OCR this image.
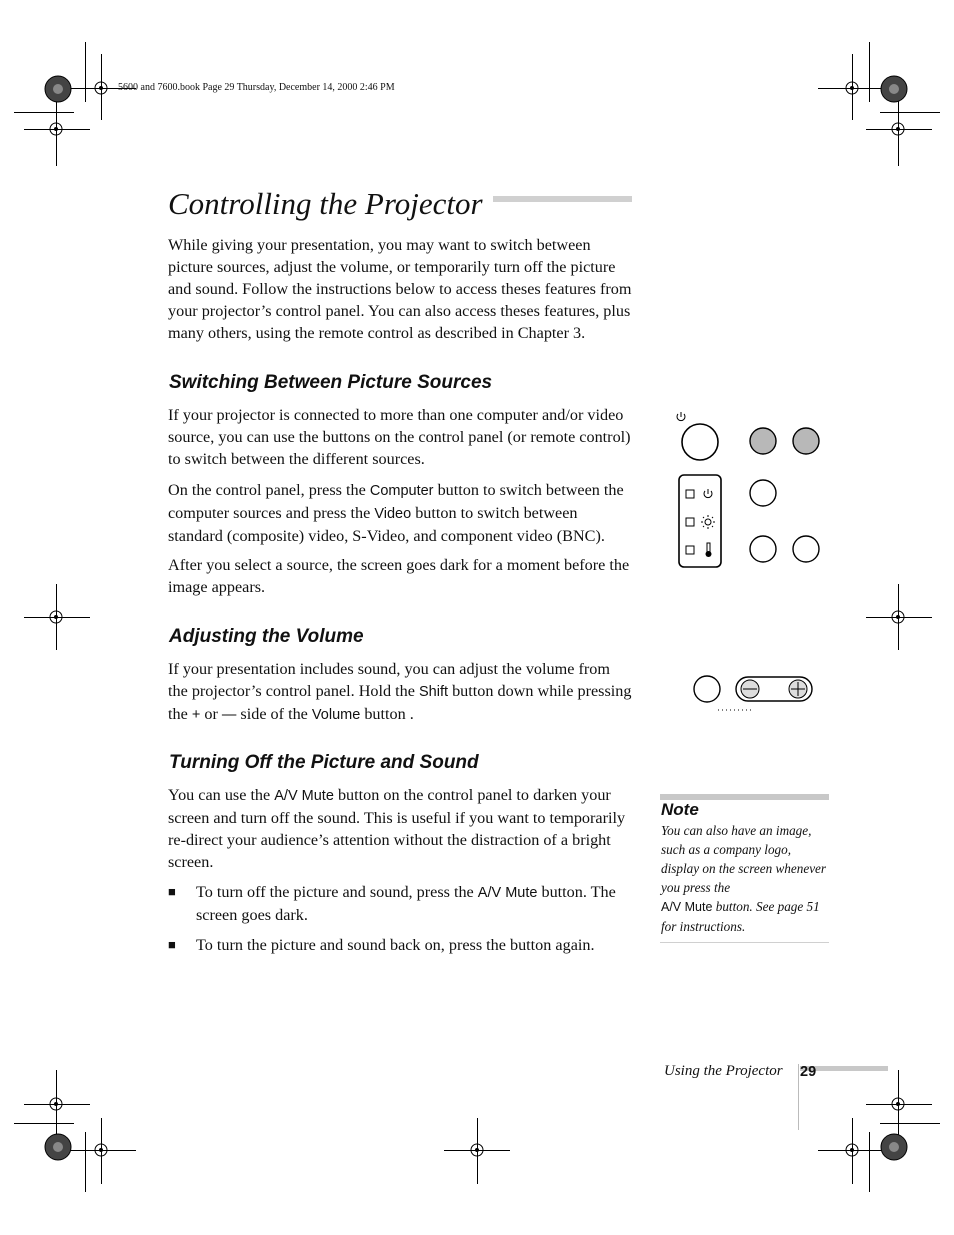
5600 and 7600.book Page 29 Thursday, December 14, 2000 2:46 PM
Controlling the Projector

While giving your presentation, you may want to switch between picture sources, adjust the volume, or temporarily turn off the picture and sound. Follow the instructions below to access theses features from your projector’s control panel. You can also access theses features, plus many others, using the remote control as described in Chapter 3.

Switching Between Picture Sources

If your projector is connected to more than one computer and/or video source, you can use the buttons on the control panel (or remote control) to switch between the different sources.

On the control panel, press the Computer button to switch between the computer sources and press the Video button to switch between standard (composite) video, S-Video, and component video (BNC).

After you select a source, the screen goes dark for a moment before the image appears.

Adjusting the Volume

If your presentation includes sound, you can adjust the volume from the projector’s control panel. Hold the Shift button down while pressing the + or — side of the Volume button .

Turning Off the Picture and Sound

You can use the A/V Mute button on the control panel to darken your screen and turn off the sound. This is useful if you want to temporarily re-direct your audience’s attention without the distraction of a bright screen.

■ To turn off the picture and sound, press the A/V Mute button. The screen goes dark.
■ To turn the picture and sound back on, press the button again.
Note
You can also have an image, such as a company logo, display on the screen whenever you press the
A/V Mute button. See page 51 for instructions.
Using the Projector 29
